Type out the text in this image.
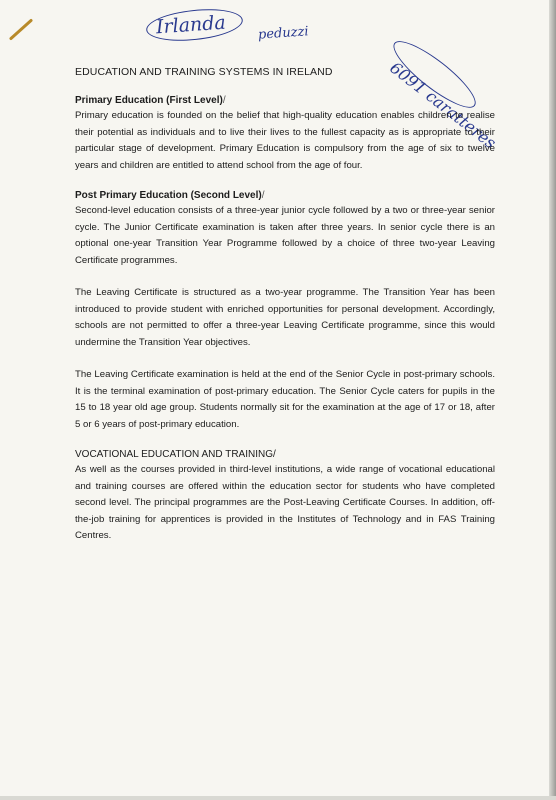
Irlanda peduzzi
6091 caratteres
EDUCATION AND TRAINING SYSTEMS IN IRELAND
Primary Education (First Level)/

Primary education is founded on the belief that high-quality education enables children to realise their potential as individuals and to live their lives to the fullest capacity as is appropriate to their particular stage of development. Primary Education is compulsory from the age of six to twelve years and children are entitled to attend school from the age of four.

Post Primary Education (Second Level)/

Second-level education consists of a three-year junior cycle followed by a two or three-year senior cycle. The Junior Certificate examination is taken after three years. In senior cycle there is an optional one-year Transition Year Programme followed by a choice of three two-year Leaving Certificate programmes.

The Leaving Certificate is structured as a two-year programme. The Transition Year has been introduced to provide student with enriched opportunities for personal development. Accordingly, schools are not permitted to offer a three-year Leaving Certificate programme, since this would undermine the Transition Year objectives.

The Leaving Certificate examination is held at the end of the Senior Cycle in post-primary schools. It is the terminal examination of post-primary education. The Senior Cycle caters for pupils in the 15 to 18 year old age group. Students normally sit for the examination at the age of 17 or 18, after 5 or 6 years of post-primary education.

VOCATIONAL EDUCATION AND TRAINING/

As well as the courses provided in third-level institutions, a wide range of vocational educational and training courses are offered within the education sector for students who have completed second level. The principal programmes are the Post-Leaving Certificate Courses. In addition, off-the-job training for apprentices is provided in the Institutes of Technology and in FAS Training Centres.
